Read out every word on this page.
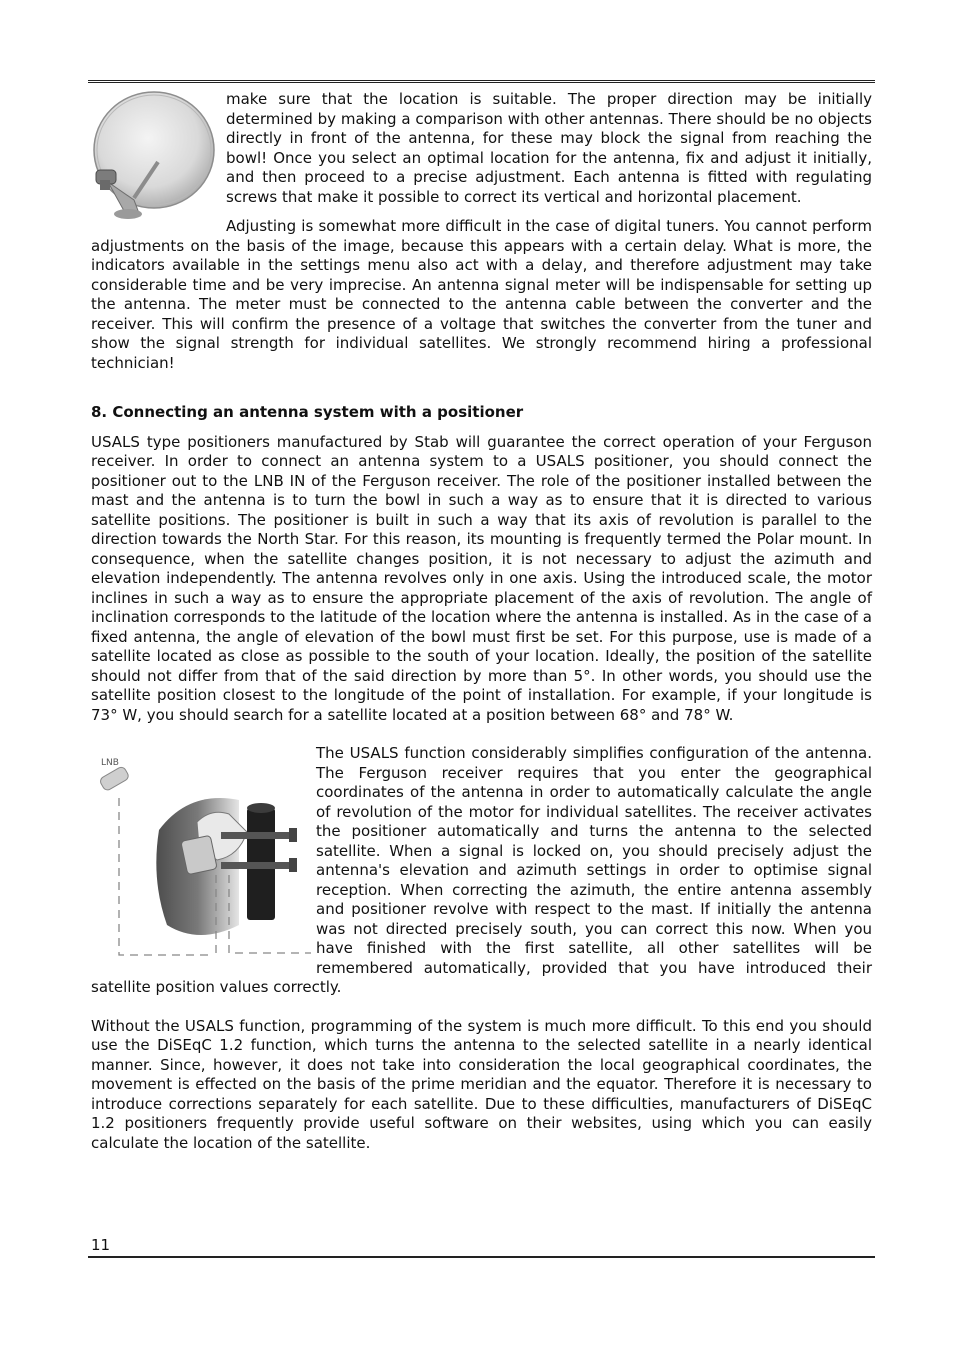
make sure that the location is suitable. The proper direction may be initially determined by making a comparison with other antennas. There should be no objects directly in front of the antenna, for these may block the signal from reaching the bowl! Once you select an optimal location for the antenna, fix and adjust it initially, and then proceed to a precise adjustment. Each antenna is fitted with regulating screws that make it possible to correct its vertical and horizontal placement.

Adjusting is somewhat more difficult in the case of digital tuners. You cannot perform adjustments on the basis of the image, because this appears with a certain delay. What is more, the indicators available in the settings menu also act with a delay, and therefore adjustment may take considerable time and be very imprecise. An antenna signal meter will be indispensable for setting up the antenna. The meter must be connected to the antenna cable between the converter and the receiver. This will confirm the presence of a voltage that switches the converter from the tuner and show the signal strength for individual satellites. We strongly recommend hiring a professional technician!

8. Connecting an antenna system with a positioner

USALS type positioners manufactured by Stab will guarantee the correct operation of your Ferguson receiver. In order to connect an antenna system to a USALS positioner, you should connect the positioner out to the LNB IN of the Ferguson receiver. The role of the positioner installed between the mast and the antenna is to turn the bowl in such a way as to ensure that it is directed to various satellite positions. The positioner is built in such a way that its axis of revolution is parallel to the direction towards the North Star. For this reason, its mounting is frequently termed the Polar mount. In consequence, when the satellite changes position, it is not necessary to adjust the azimuth and elevation independently. The antenna revolves only in one axis. Using the introduced scale, the motor inclines in such a way as to ensure the appropriate placement of the axis of revolution. The angle of inclination corresponds to the latitude of the location where the antenna is installed. As in the case of a fixed antenna, the angle of elevation of the bowl must first be set. For this purpose, use is made of a satellite located as close as possible to the south of your location. Ideally, the position of the satellite should not differ from that of the said direction by more than 5°. In other words, you should use the satellite position closest to the longitude of the point of installation. For example, if your longitude is 73° W, you should search for a satellite located at a position between 68° and 78° W.

LNB

The USALS function considerably simplifies configuration of the antenna. The Ferguson receiver requires that you enter the geographical coordinates of the antenna in order to automatically calculate the angle of revolution of the motor for individual satellites. The receiver activates the positioner automatically and turns the antenna to the selected satellite. When a signal is locked on, you should precisely adjust the antenna's elevation and azimuth settings in order to optimise signal reception. When correcting the azimuth, the entire antenna assembly and positioner revolve with respect to the mast. If initially the antenna was not directed precisely south, you can correct this now. When you have finished with the first satellite, all other satellites will be remembered automatically, provided that you have introduced their satellite position values correctly.

Without the USALS function, programming of the system is much more difficult. To this end you should use the DiSEqC 1.2 function, which turns the antenna to the selected satellite in a nearly identical manner. Since, however, it does not take into consideration the local geographical coordinates, the movement is effected on the basis of the prime meridian and the equator. Therefore it is necessary to introduce corrections separately for each satellite. Due to these difficulties, manufacturers of DiSEqC 1.2 positioners frequently provide useful software on their websites, using which you can easily calculate the location of the satellite.

11
